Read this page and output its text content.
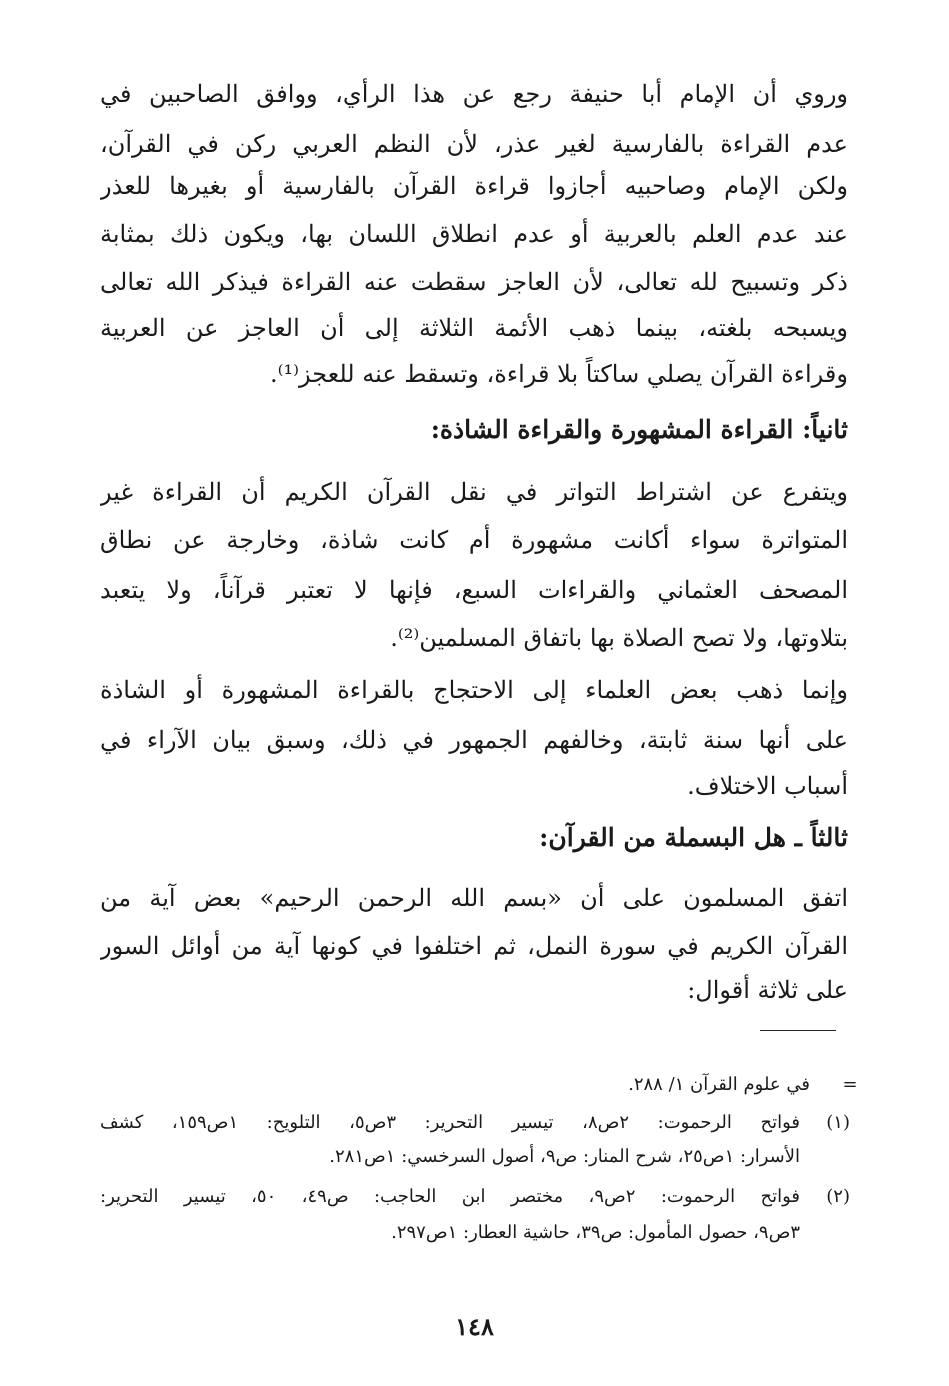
وروي أن الإمام أبا حنيفة رجع عن هذا الرأي، ووافق الصاحبين في
عدم القراءة بالفارسية لغير عذر، لأن النظم العربي ركن في القرآن،
ولكن الإمام وصاحبيه أجازوا قراءة القرآن بالفارسية أو بغيرها للعذر
عند عدم العلم بالعربية أو عدم انطلاق اللسان بها، ويكون ذلك بمثابة
ذكر وتسبيح لله تعالى، لأن العاجز سقطت عنه القراءة فيذكر الله تعالى
ويسبحه بلغته، بينما ذهب الأئمة الثلاثة إلى أن العاجز عن العربية
وقراءة القرآن يصلي ساكتاً بلا قراءة، وتسقط عنه للعجز⁽¹⁾.
ثانياً: القراءة المشهورة والقراءة الشاذة:
ويتفرع عن اشتراط التواتر في نقل القرآن الكريم أن القراءة غير
المتواترة سواء أكانت مشهورة أم كانت شاذة، وخارجة عن نطاق
المصحف العثماني والقراءات السبع، فإنها لا تعتبر قرآناً، ولا يتعبد
بتلاوتها، ولا تصح الصلاة بها باتفاق المسلمين⁽²⁾.
وإنما ذهب بعض العلماء إلى الاحتجاج بالقراءة المشهورة أو الشاذة
على أنها سنة ثابتة، وخالفهم الجمهور في ذلك، وسبق بيان الآراء في
أسباب الاختلاف.
ثالثاً ـ هل البسملة من القرآن:
اتفق المسلمون على أن «بسم الله الرحمن الرحيم» بعض آية من
القرآن الكريم في سورة النمل، ثم اختلفوا في كونها آية من أوائل السور
على ثلاثة أقوال:
=
في علوم القرآن ١/ ٢٨٨.
(١)
فواتح الرحموت: ٢ص٨، تيسير التحرير: ٣ص٥، التلويح: ١ص١٥٩، كشف
الأسرار: ١ص٢٥، شرح المنار: ص٩، أصول السرخسي: ١ص٢٨١.
(٢)
فواتح الرحموت: ٢ص٩، مختصر ابن الحاجب: ص٤٩، ٥٠، تيسير التحرير:
٣ص٩، حصول المأمول: ص٣٩، حاشية العطار: ١ص٢٩٧.
١٤٨
